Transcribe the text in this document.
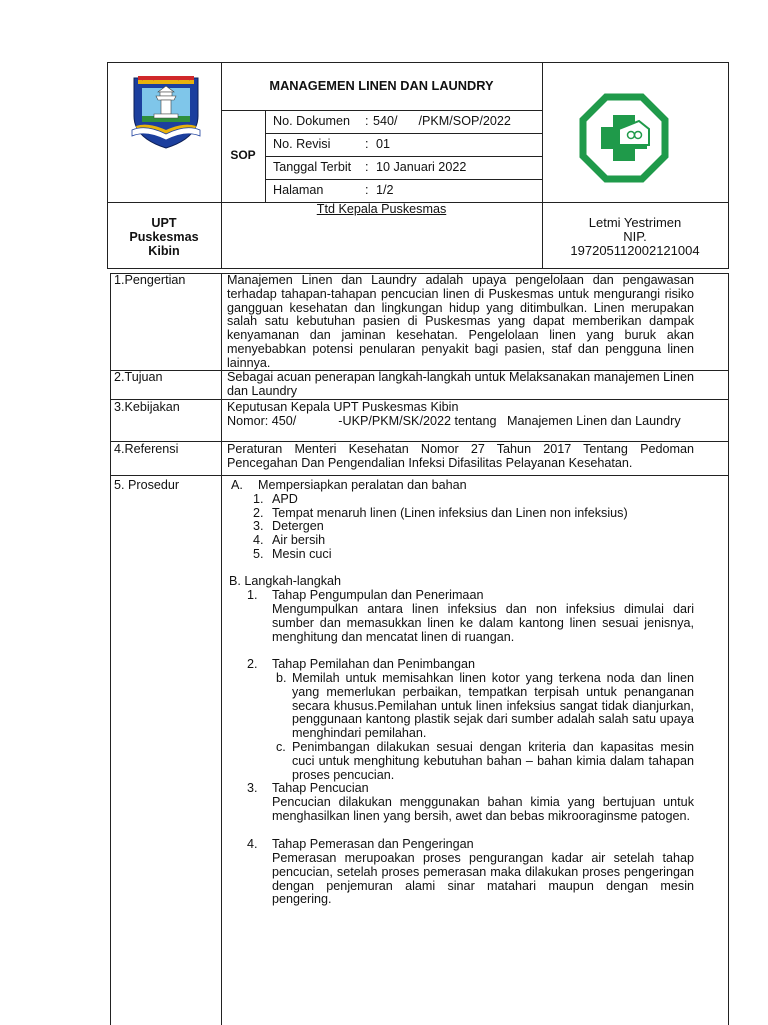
MANAGEMEN LINEN DAN LAUNDRY
SOP
No. Dokumen : 540/      /PKM/SOP/2022
No. Revisi	: 01
Tanggal Terbit : 10 Januari 2022
Halaman	: 1/2
UPT
Puskesmas
Kibin
Ttd Kepala Puskesmas
Letmi Yestrimen
NIP.
197205112002121004
1.Pengertian
2.Tujuan
3.Kebijakan
4.Referensi
5. Prosedur
Manajemen Linen dan Laundry adalah upaya pengelolaan dan pengawasan terhadap tahapan-tahapan pencucian linen di Puskesmas untuk mengurangi risiko gangguan kesehatan dan lingkungan hidup yang ditimbulkan. Linen merupakan salah satu kebutuhan pasien di Puskesmas yang dapat memberikan dampak kenyamanan dan jaminan kesehatan. Pengelolaan linen yang buruk akan menyebabkan potensi penularan penyakit bagi pasien, staf dan pengguna linen lainnya.
Sebagai acuan penerapan langkah-langkah untuk Melaksanakan manajemen Linen dan Laundry
Keputusan Kepala UPT Puskesmas Kibin
Nomor: 450/            -UKP/PKM/SK/2022 tentang   Manajemen Linen dan Laundry
Peraturan Menteri Kesehatan Nomor 27 Tahun 2017 Tentang Pedoman Pencegahan Dan Pengendalian Infeksi Difasilitas Pelayanan Kesehatan.
A. Mempersiapkan peralatan dan bahan
1. APD
2. Tempat menaruh linen (Linen infeksius dan Linen non infeksius)
3. Detergen
4. Air bersih
5. Mesin cuci
B. Langkah-langkah
1. Tahap Pengumpulan dan Penerimaan
Mengumpulkan antara linen infeksius dan non infeksius dimulai dari sumber dan memasukkan linen ke dalam kantong linen sesuai jenisnya, menghitung dan mencatat linen di ruangan.
2. Tahap Pemilahan dan Penimbangan
b. Memilah untuk memisahkan linen kotor yang terkena noda dan linen yang memerlukan perbaikan, tempatkan terpisah untuk penanganan secara khusus.Pemilahan untuk linen infeksius sangat tidak dianjurkan, penggunaan kantong plastik sejak dari sumber adalah salah satu upaya menghindari pemilahan.
c. Penimbangan dilakukan sesuai dengan kriteria dan kapasitas mesin cuci untuk menghitung kebutuhan bahan – bahan kimia dalam tahapan proses pencucian.
3. Tahap Pencucian
Pencucian dilakukan menggunakan bahan kimia yang bertujuan untuk menghasilkan linen yang bersih, awet dan bebas mikrooraginsme patogen.
4. Tahap Pemerasan dan Pengeringan
Pemerasan merupoakan proses pengurangan kadar air setelah tahap pencucian, setelah proses pemerasan maka dilakukan proses pengeringan dengan penjemuran alami sinar matahari maupun dengan mesin pengering.
